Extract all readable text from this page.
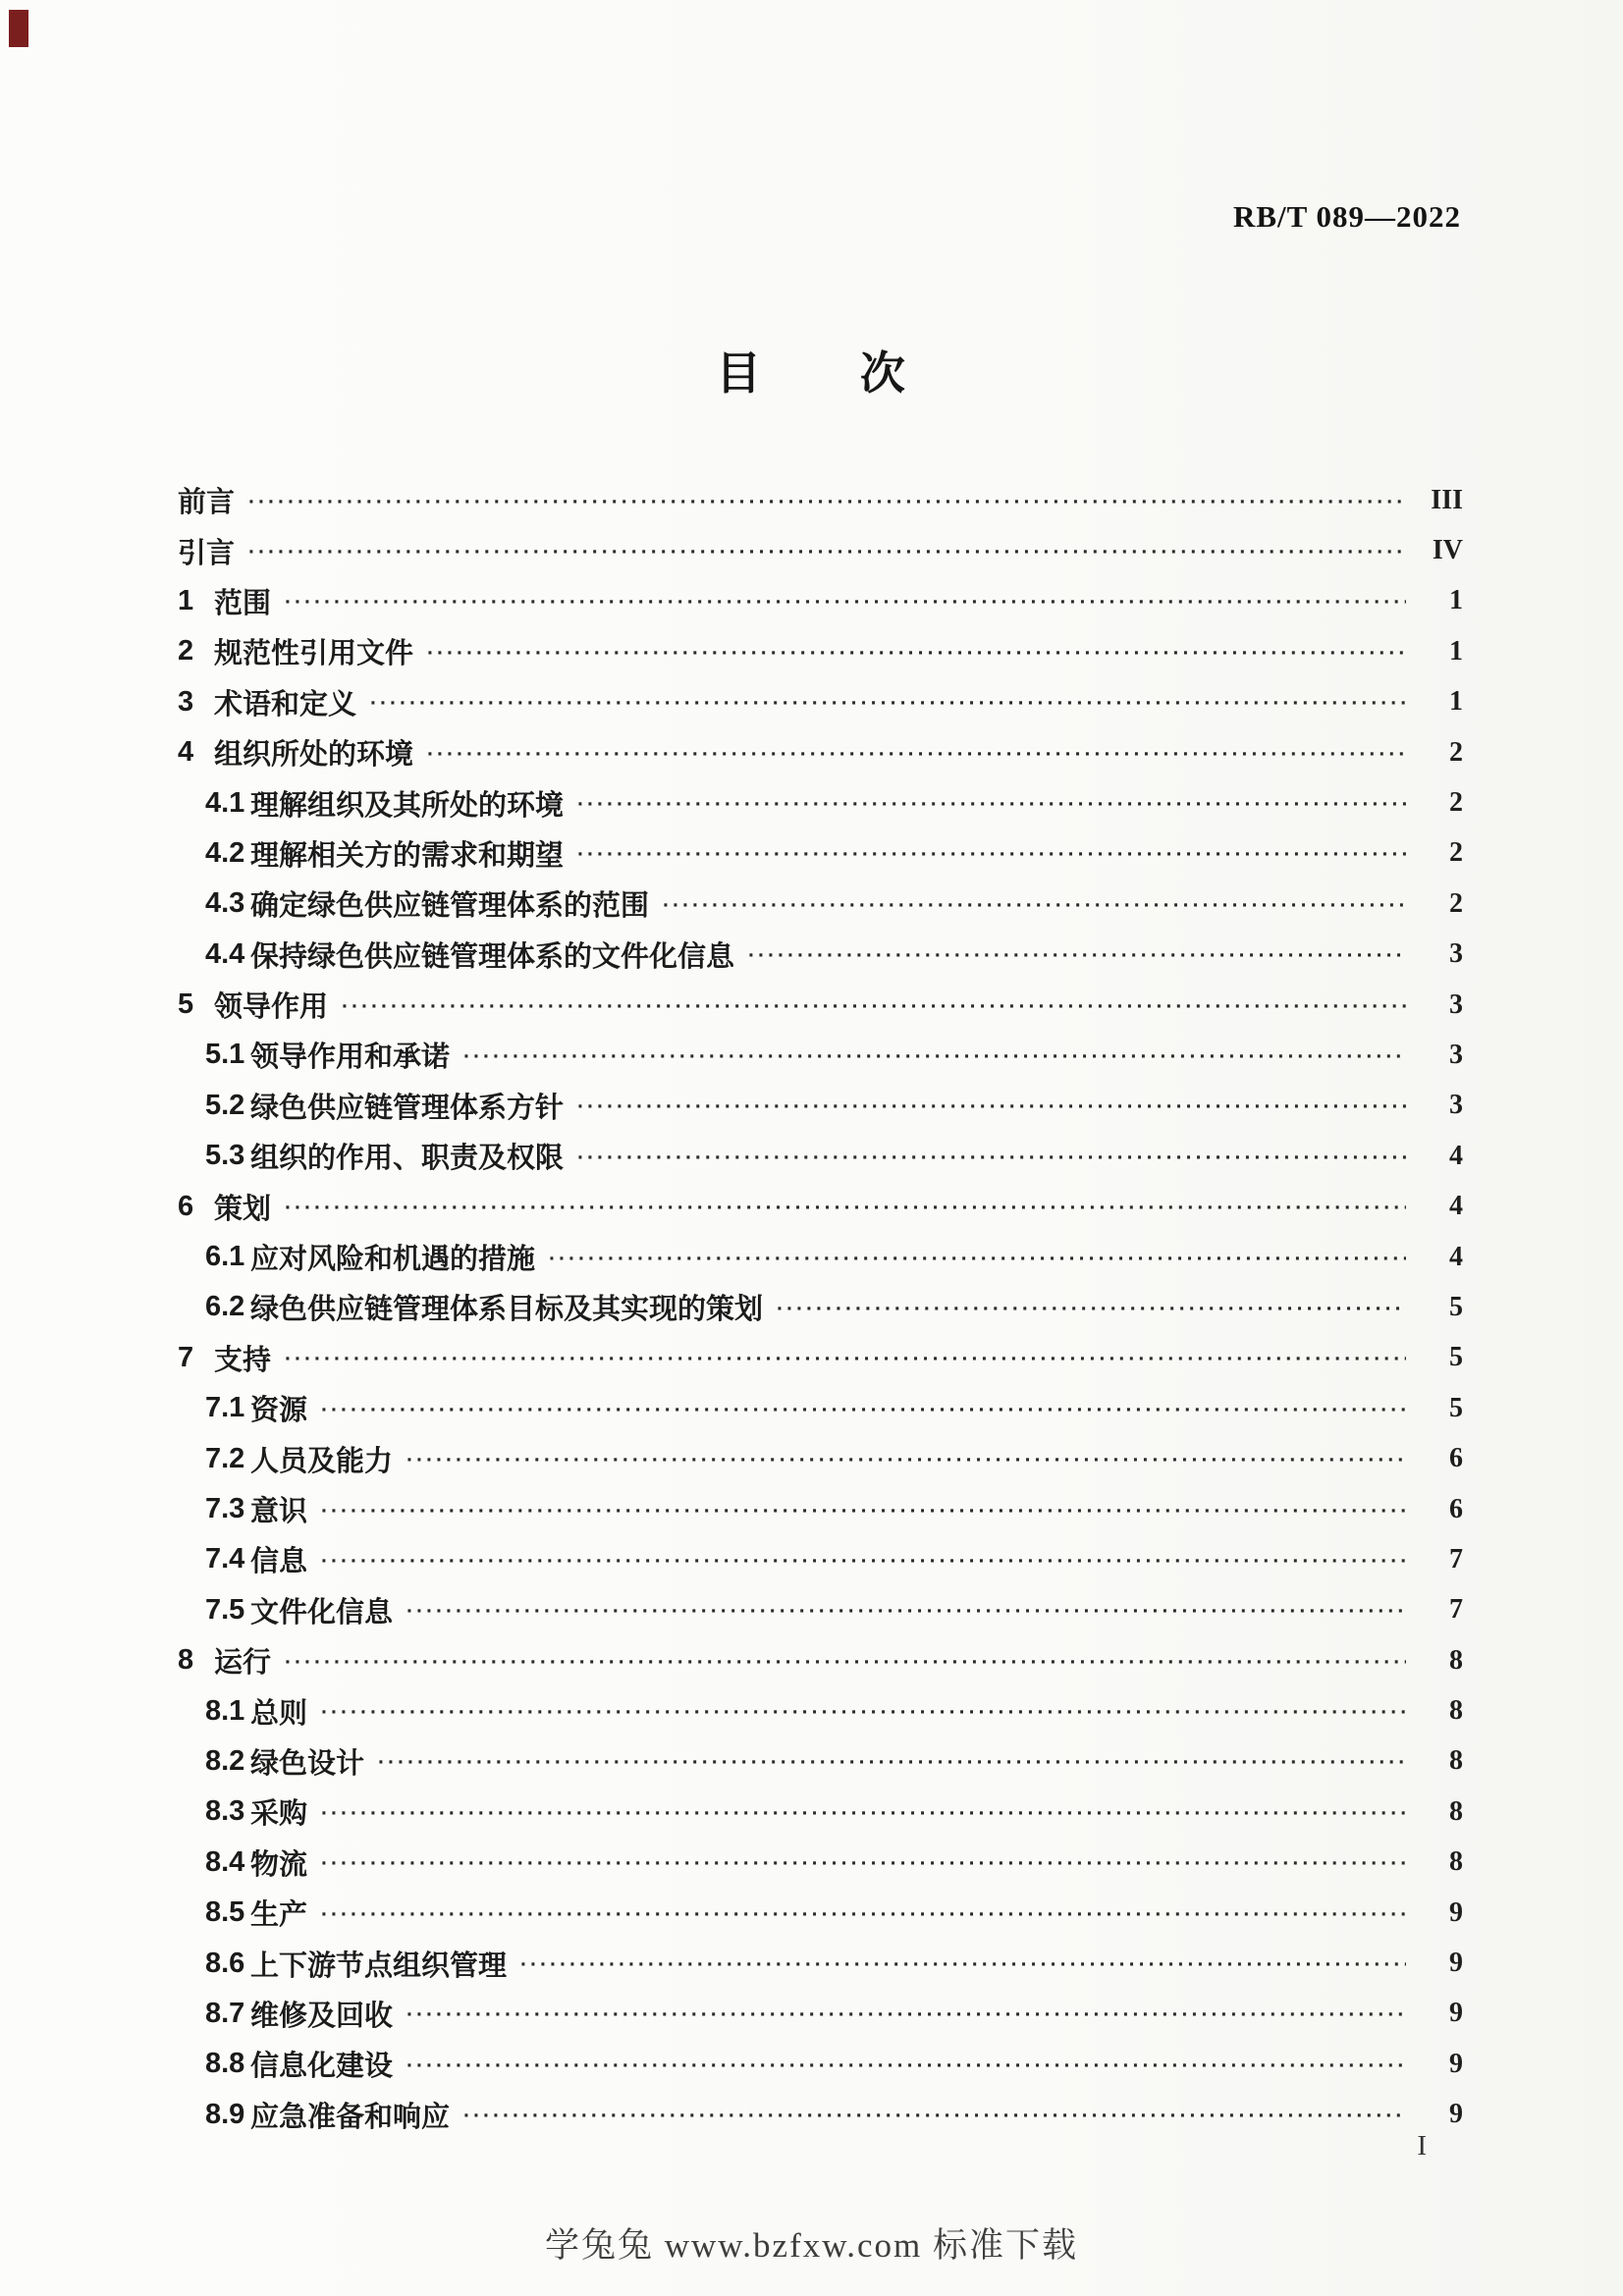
RB/T 089—2022
目 次
前言 ·····	III
引言 ·····	IV
1 范围 ·····	1
2 规范性引用文件 ·····	1
3 术语和定义 ·····	1
4 组织所处的环境 ·····	2
4.1 理解组织及其所处的环境 ·····	2
4.2 理解相关方的需求和期望 ·····	2
4.3 确定绿色供应链管理体系的范围 ·····	2
4.4 保持绿色供应链管理体系的文件化信息 ·····	3
5 领导作用 ·····	3
5.1 领导作用和承诺 ·····	3
5.2 绿色供应链管理体系方针 ·····	3
5.3 组织的作用、职责及权限 ·····	4
6 策划 ·····	4
6.1 应对风险和机遇的措施 ·····	4
6.2 绿色供应链管理体系目标及其实现的策划 ·····	5
7 支持 ·····	5
7.1 资源 ·····	5
7.2 人员及能力 ·····	6
7.3 意识 ·····	6
7.4 信息 ·····	7
7.5 文件化信息 ·····	7
8 运行 ·····	8
8.1 总则 ·····	8
8.2 绿色设计 ·····	8
8.3 采购 ·····	8
8.4 物流 ·····	8
8.5 生产 ·····	9
8.6 上下游节点组织管理 ·····	9
8.7 维修及回收 ·····	9
8.8 信息化建设 ·····	9
8.9 应急准备和响应 ·····	9
I
学兔兔 www.bzfxw.com 标准下载
